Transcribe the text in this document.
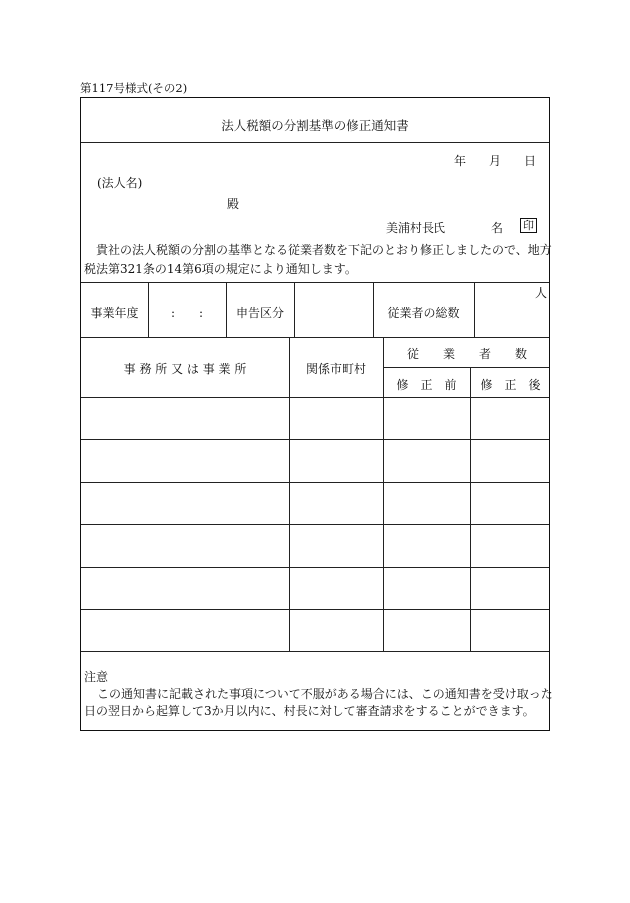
第117号様式(その2)
法人税額の分割基準の修正通知書
年 月 日
(法人名)
殿
美浦村長
氏	名 印
貴社の法人税額の分割の基準となる従業者数を下記のとおり修正しましたので、地方
税法第321条の14第6項の規定により通知します。
事業年度	:　　:	申告区分	従業者の総数
人
事 務 所 又 は 事 業 所	関係市町村
従　　業　　者　　数
修　正　前	修　正　後
注意
この通知書に記載された事項について不服がある場合には、この通知書を受け取った
日の翌日から起算して3か月以内に、村長に対して審査請求をすることができます。
